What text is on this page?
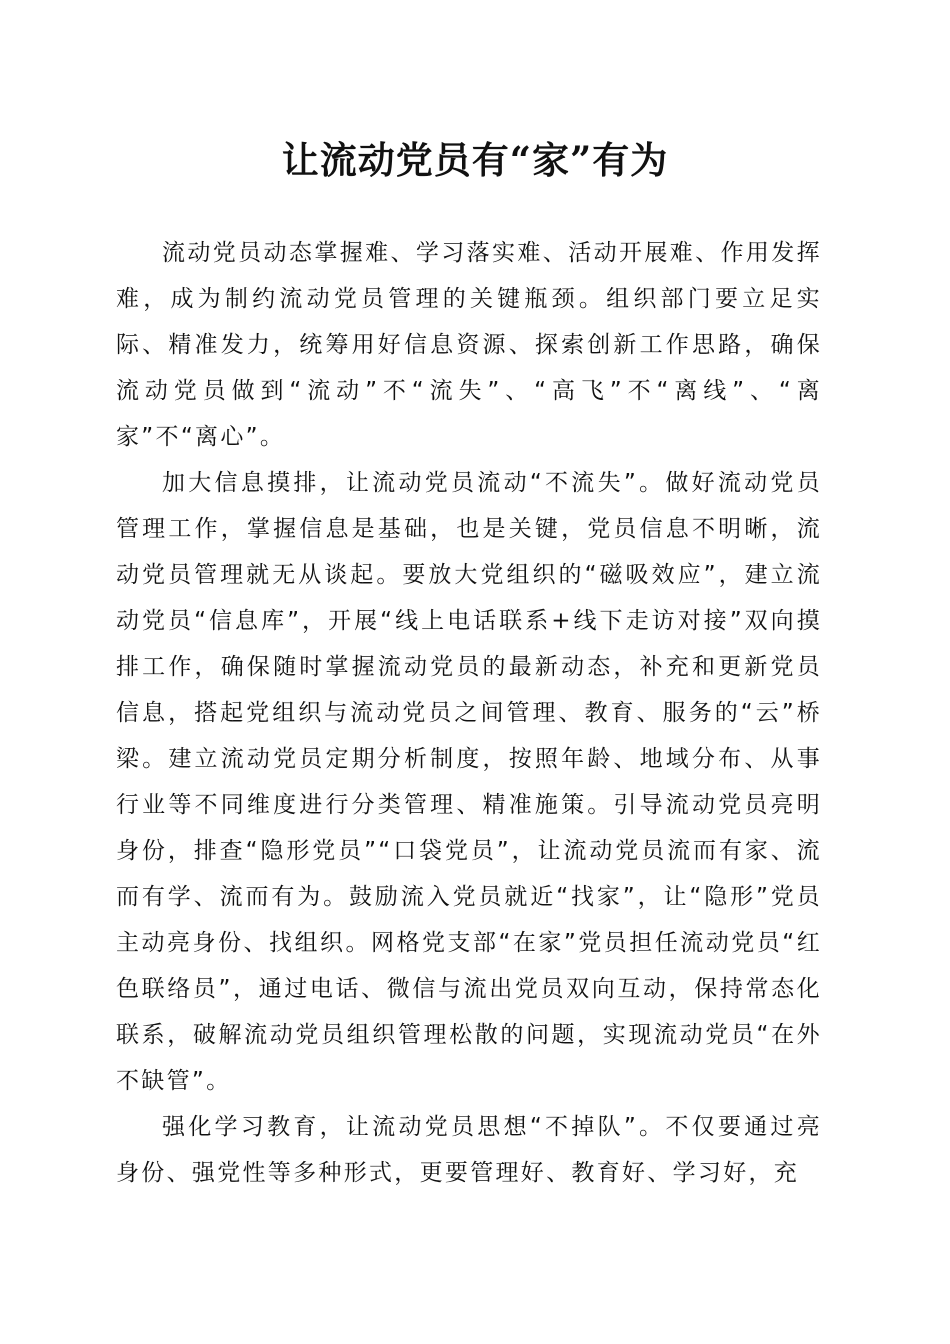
让流动党员有“家”有为

流动党员动态掌握难、学习落实难、活动开展难、作用发挥难，成为制约流动党员管理的关键瓶颈。组织部门要立足实际、精准发力，统筹用好信息资源、探索创新工作思路，确保流动党员做到“流动”不“流失”、“高飞”不“离线”、“离家”不“离心”。

加大信息摸排，让流动党员流动“不流失”。做好流动党员管理工作，掌握信息是基础，也是关键，党员信息不明晰，流动党员管理就无从谈起。要放大党组织的“磁吸效应”，建立流动党员“信息库”，开展“线上电话联系+线下走访对接”双向摸排工作，确保随时掌握流动党员的最新动态，补充和更新党员信息，搭起党组织与流动党员之间管理、教育、服务的“云”桥梁。建立流动党员定期分析制度，按照年龄、地域分布、从事行业等不同维度进行分类管理、精准施策。引导流动党员亮明身份，排查“隐形党员”“口袋党员”，让流动党员流而有家、流而有学、流而有为。鼓励流入党员就近“找家”，让“隐形”党员主动亮身份、找组织。网格党支部“在家”党员担任流动党员“红色联络员”，通过电话、微信与流出党员双向互动，保持常态化联系，破解流动党员组织管理松散的问题，实现流动党员“在外不缺管”。

强化学习教育，让流动党员思想“不掉队”。不仅要通过亮身份、强党性等多种形式，更要管理好、教育好、学习好，充
